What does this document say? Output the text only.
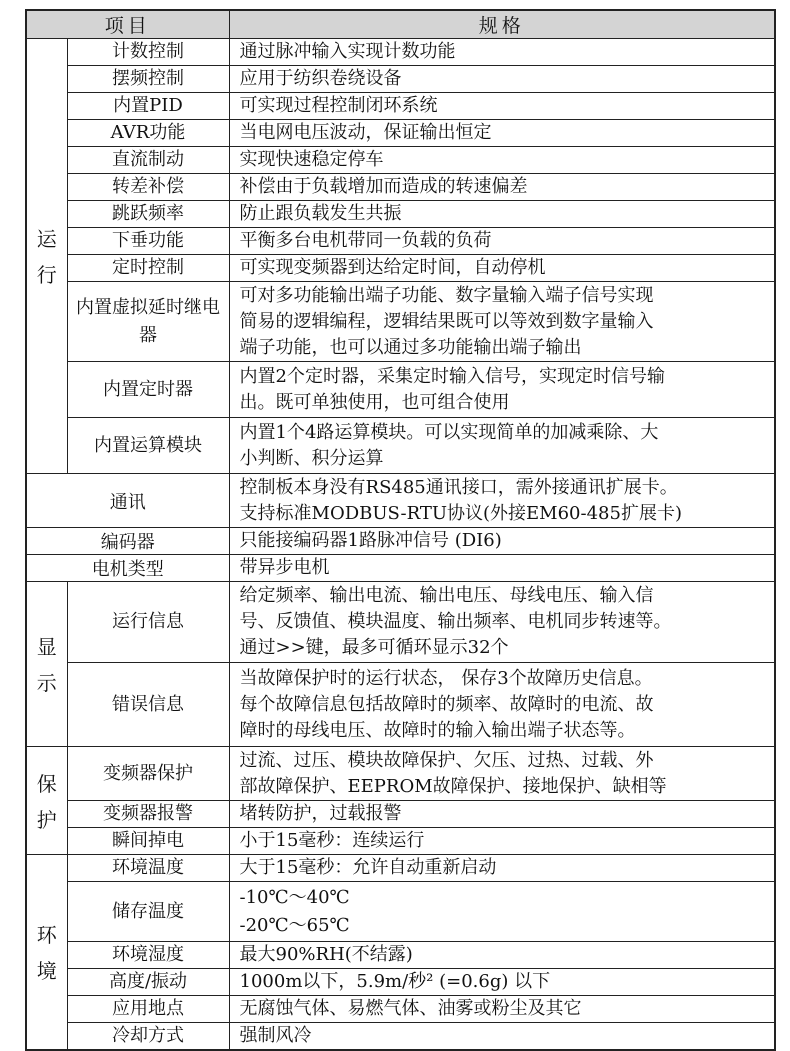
项目		规格

运
行	计数控制	通过脉冲输入实现计数功能

	摆频控制	应用于纺织卷绕设备

	内置PID	可实现过程控制闭环系统

	AVR功能	当电网电压波动，保证输出恒定

	直流制动	实现快速稳定停车

	转差补偿	补偿由于负载增加而造成的转速偏差

	跳跃频率	防止跟负载发生共振

	下垂功能	平衡多台电机带同一负载的负荷

	定时控制	可实现变频器到达给定时间，自动停机

	内置虚拟延时继电器	可对多功能输出端子功能、数字量输入端子信号实现
简易的逻辑编程，逻辑结果既可以等效到数字量输入
端子功能，也可以通过多功能输出端子输出

	内置定时器	内置2个定时器，采集定时输入信号，实现定时信号输
出。既可单独使用，也可组合使用

	内置运算模块	内置1个4路运算模块。可以实现简单的加减乘除、大
小判断、积分运算

通讯		控制板本身没有RS485通讯接口，需外接通讯扩展卡。
支持标准MODBUS-RTU协议(外接EM60-485扩展卡)

编码器		只能接编码器1路脉冲信号 (DI6)

电机类型		带异步电机

显
示	运行信息	给定频率、输出电流、输出电压、母线电压、输入信
号、反馈值、模块温度、输出频率、电机同步转速等。
通过>>键，最多可循环显示32个

	错误信息	当故障保护时的运行状态， 保存3个故障历史信息。
每个故障信息包括故障时的频率、故障时的电流、故
障时的母线电压、故障时的输入输出端子状态等。

保
护	变频器保护	过流、过压、模块故障保护、欠压、过热、过载、外
部故障保护、EEPROM故障保护、接地保护、缺相等

	变频器报警	堵转防护，过载报警

	瞬间掉电	小于15毫秒：连续运行

环
境	环境温度	大于15毫秒：允许自动重新启动

	储存温度	-10℃～40℃
-20℃～65℃

	环境湿度	最大90%RH(不结露)

	高度/振动	1000m以下，5.9m/秒² (=0.6g) 以下

	应用地点	无腐蚀气体、易燃气体、油雾或粉尘及其它

	冷却方式	强制风冷
